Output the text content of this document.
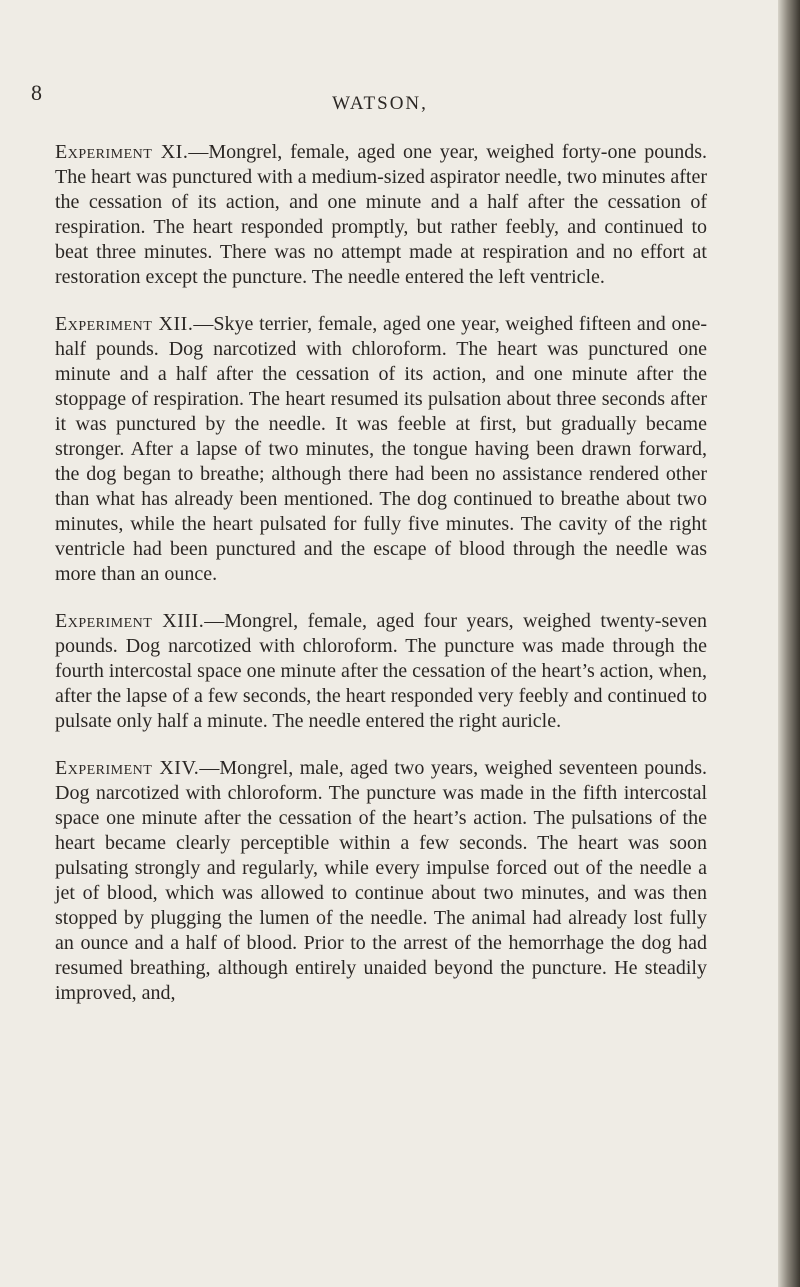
8	WATSON,

Experiment XI.—Mongrel, female, aged one year, weighed forty-one pounds. The heart was punctured with a medium-sized aspirator needle, two minutes after the cessation of its action, and one minute and a half after the cessation of respiration. The heart responded promptly, but rather feebly, and continued to beat three minutes. There was no attempt made at respiration and no effort at restoration except the puncture. The needle entered the left ventricle.

Experiment XII.—Skye terrier, female, aged one year, weighed fifteen and one-half pounds. Dog narcotized with chloroform. The heart was punctured one minute and a half after the cessation of its action, and one minute after the stoppage of respiration. The heart resumed its pulsation about three seconds after it was punctured by the needle. It was feeble at first, but gradually became stronger. After a lapse of two minutes, the tongue having been drawn forward, the dog began to breathe; although there had been no assistance rendered other than what has already been mentioned. The dog continued to breathe about two minutes, while the heart pulsated for fully five minutes. The cavity of the right ventricle had been punctured and the escape of blood through the needle was more than an ounce.

Experiment XIII.—Mongrel, female, aged four years, weighed twenty-seven pounds. Dog narcotized with chloroform. The puncture was made through the fourth intercostal space one minute after the cessation of the heart’s action, when, after the lapse of a few seconds, the heart responded very feebly and continued to pulsate only half a minute. The needle entered the right auricle.

Experiment XIV.—Mongrel, male, aged two years, weighed seventeen pounds. Dog narcotized with chloroform. The puncture was made in the fifth intercostal space one minute after the cessation of the heart’s action. The pulsations of the heart became clearly perceptible within a few seconds. The heart was soon pulsating strongly and regularly, while every impulse forced out of the needle a jet of blood, which was allowed to continue about two minutes, and was then stopped by plugging the lumen of the needle. The animal had already lost fully an ounce and a half of blood. Prior to the arrest of the hemorrhage the dog had resumed breathing, although entirely unaided beyond the puncture. He steadily improved, and,
